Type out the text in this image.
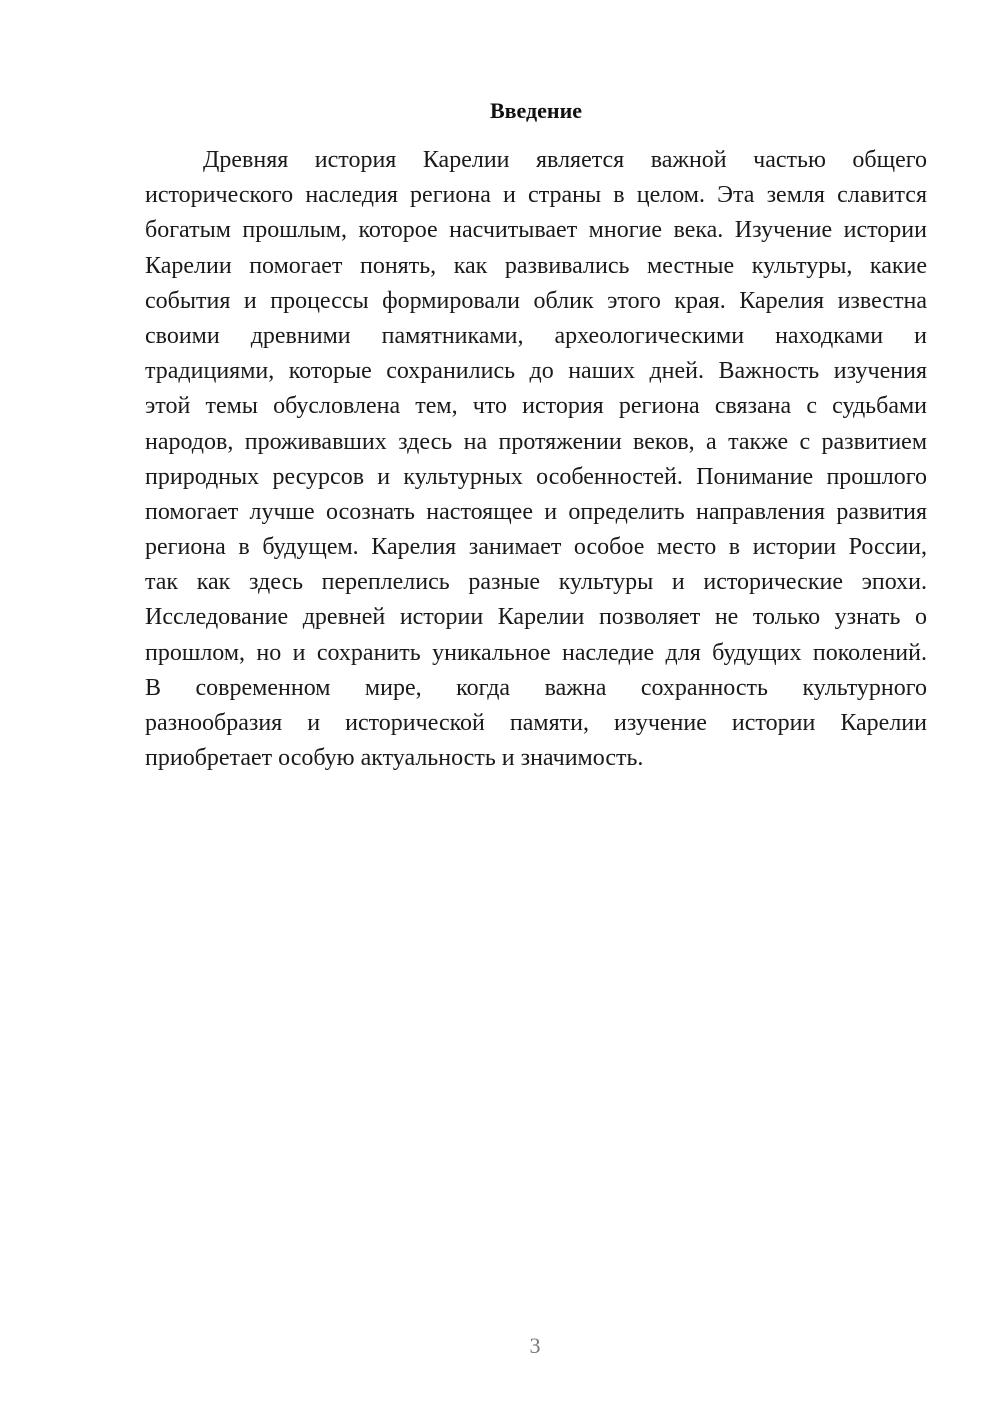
Введение
Древняя история Карелии является важной частью общего
исторического наследия региона и страны в целом. Эта земля славится
богатым прошлым, которое насчитывает многие века. Изучение истории
Карелии помогает понять, как развивались местные культуры, какие
события и процессы формировали облик этого края. Карелия известна
своими древними памятниками, археологическими находками и
традициями, которые сохранились до наших дней. Важность изучения
этой темы обусловлена тем, что история региона связана с судьбами
народов, проживавших здесь на протяжении веков, а также с развитием
природных ресурсов и культурных особенностей. Понимание прошлого
помогает лучше осознать настоящее и определить направления развития
региона в будущем. Карелия занимает особое место в истории России,
так как здесь переплелись разные культуры и исторические эпохи.
Исследование древней истории Карелии позволяет не только узнать о
прошлом, но и сохранить уникальное наследие для будущих поколений.
В современном мире, когда важна сохранность культурного
разнообразия и исторической памяти, изучение истории Карелии
приобретает особую актуальность и значимость.
3
